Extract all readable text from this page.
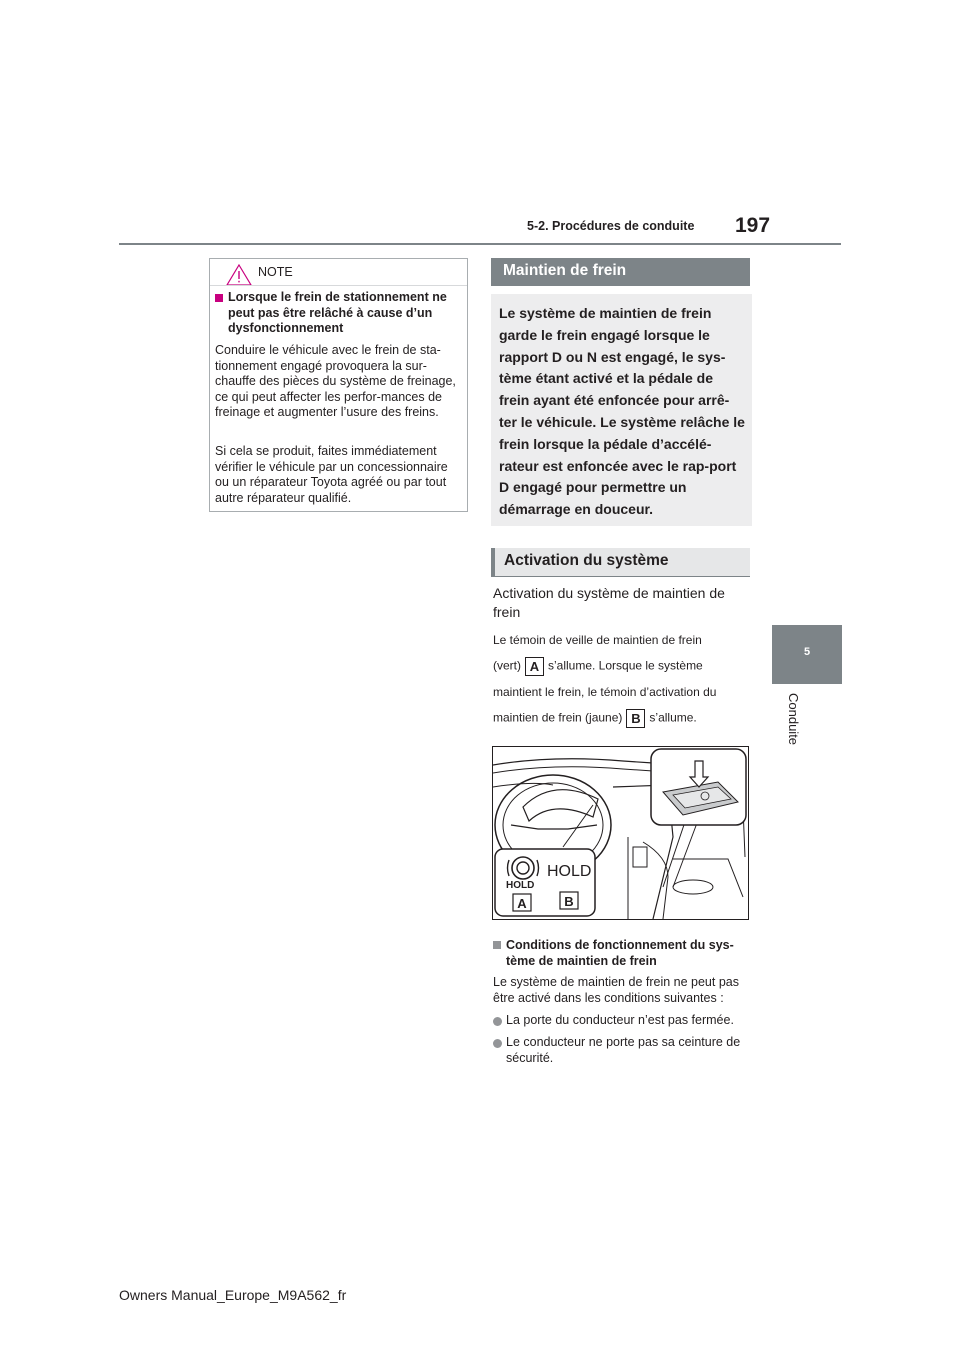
5-2. Procédures de conduite 197
5
Conduite
NOTE
Lorsque le frein de stationnement ne peut pas être relâché à cause d’un dysfonctionnement
Conduire le véhicule avec le frein de sta-tionnement engagé provoquera la sur-chauffe des pièces du système de freinage, ce qui peut affecter les perfor-mances de freinage et augmenter l’usure des freins.
Si cela se produit, faites immédiatement vérifier le véhicule par un concessionnaire ou un réparateur Toyota agréé ou par tout autre réparateur qualifié.
Maintien de frein
Le système de maintien de frein garde le frein engagé lorsque le rapport D ou N est engagé, le sys-tème étant activé et la pédale de frein ayant été enfoncée pour arrê-ter le véhicule. Le système relâche le frein lorsque la pédale d’accélé-rateur est enfoncée avec le rap-port D engagé pour permettre un démarrage en douceur.
Activation du système
Activation du système de maintien de frein
Le témoin de veille de maintien de frein
(vert) A s’allume. Lorsque le système
maintient le frein, le témoin d’activation du
maintien de frein (jaune) B s’allume.
HOLD
HOLD
A	B
Conditions de fonctionnement du sys-tème de maintien de frein
Le système de maintien de frein ne peut pas être activé dans les conditions suivantes :
La porte du conducteur n’est pas fermée.
Le conducteur ne porte pas sa ceinture de sécurité.
Owners Manual_Europe_M9A562_fr
